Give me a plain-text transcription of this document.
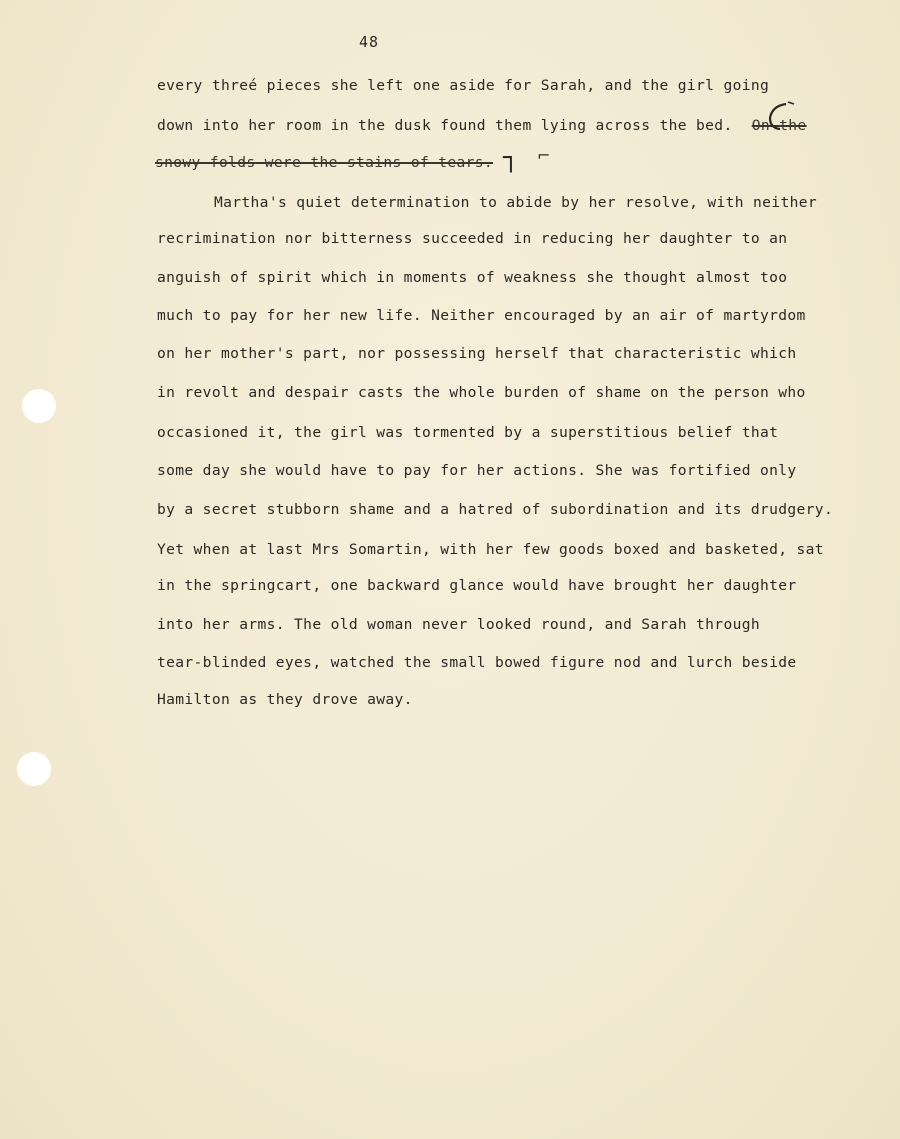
48
every threé pieces she left one aside for Sarah, and the girl going
down into her room in the dusk found them lying across the bed. On the
snowy folds were the stains of tears. ┐ ⌐
Martha's quiet determination to abide by her resolve, with neither
recrimination nor bitterness succeeded in reducing her daughter to an
anguish of spirit which in moments of weakness she thought almost too
much to pay for her new life. Neither encouraged by an air of martyrdom
on her mother's part, nor possessing herself that characteristic which
in revolt and despair casts the whole burden of shame on the person who
occasioned it, the girl was tormented by a superstitious belief that
some day she would have to pay for her actions. She was fortified only
by a secret stubborn shame and a hatred of subordination and its drudgery.
Yet when at last Mrs Somartin, with her few goods boxed and basketed, sat
in the springcart, one backward glance would have brought her daughter
into her arms. The old woman never looked round, and Sarah through
tear-blinded eyes, watched the small bowed figure nod and lurch beside
Hamilton as they drove away.
